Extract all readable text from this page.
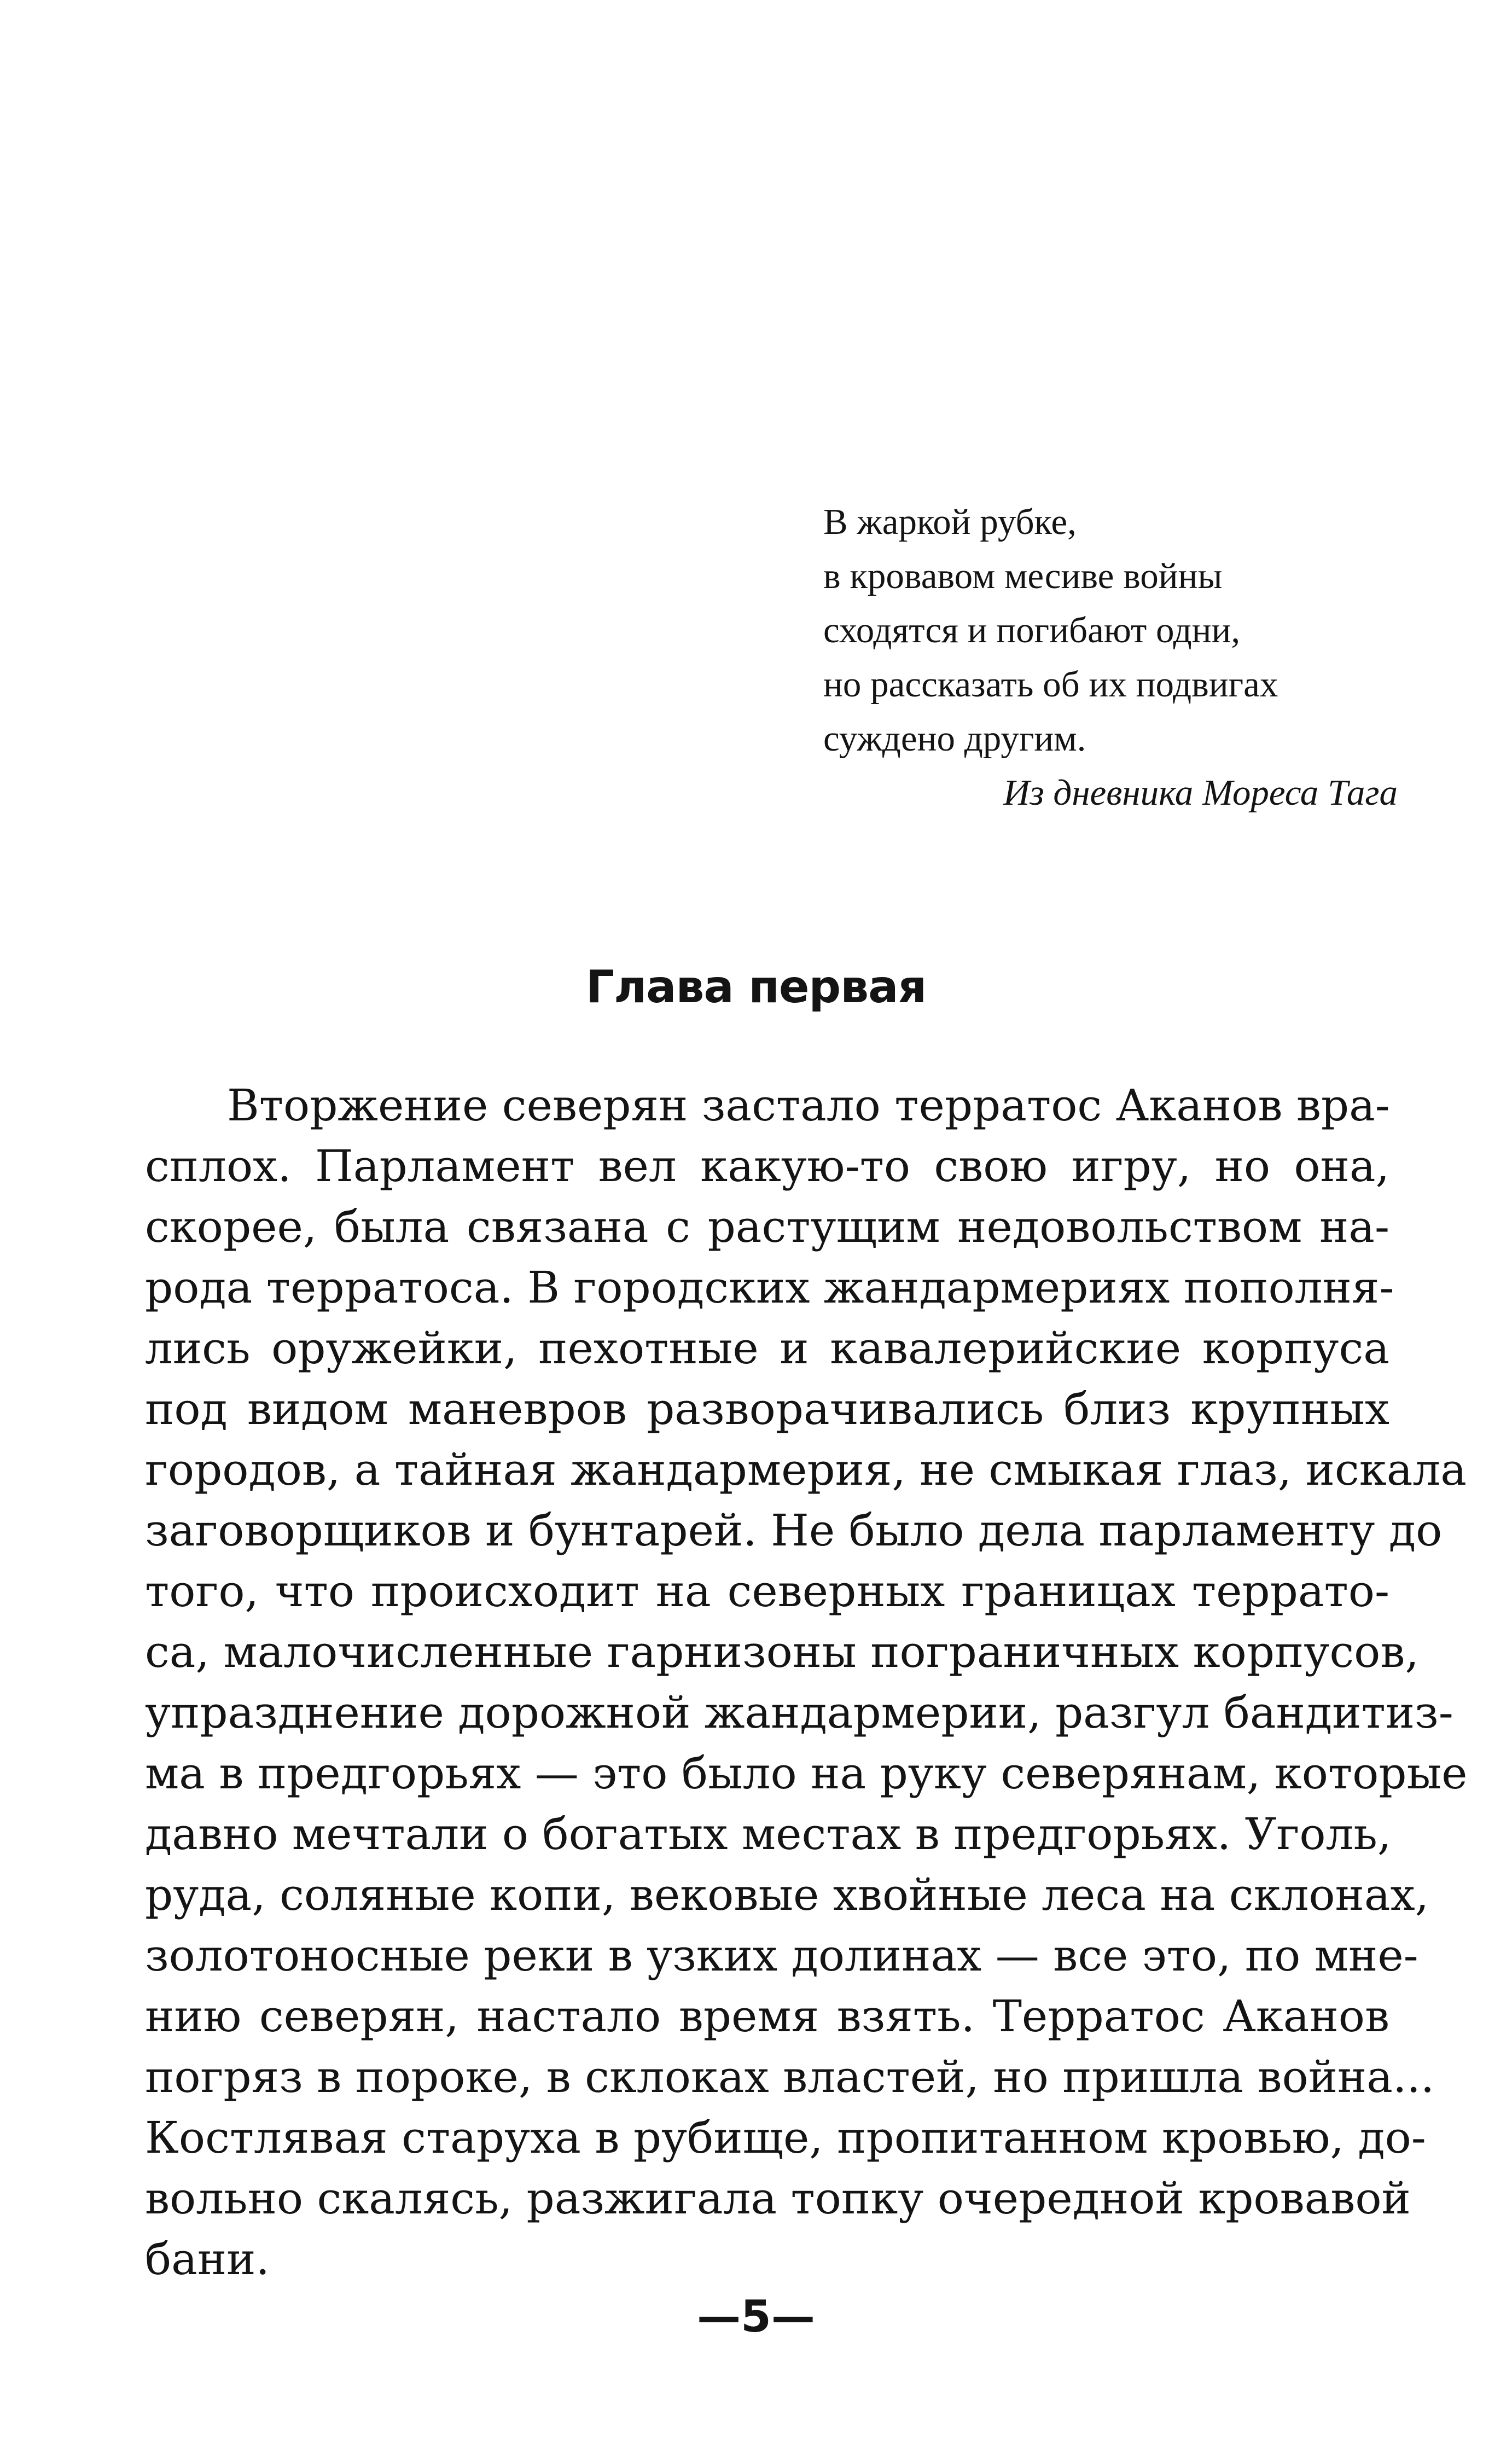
В жаркой рубке,
в кровавом месиве войны
сходятся и погибают одни,
но рассказать об их подвигах
суждено другим.
Из дневника Мореса Тага
Глава первая
Вторжение северян застало терратос Аканов вра-
сплох. Парламент вел какую-то свою игру, но она,
скорее, была связана с растущим недовольством на-
рода терратоса. В городских жандармериях пополня-
лись оружейки, пехотные и кавалерийские корпуса
под видом маневров разворачивались близ крупных
городов, а тайная жандармерия, не смыкая глаз, искала
заговорщиков и бунтарей. Не было дела парламенту до
того, что происходит на северных границах террато-
са, малочисленные гарнизоны пограничных корпусов,
упразднение дорожной жандармерии, разгул бандитиз-
ма в предгорьях — это было на руку северянам, которые
давно мечтали о богатых местах в предгорьях. Уголь,
руда, соляные копи, вековые хвойные леса на склонах,
золотоносные реки в узких долинах — все это, по мне-
нию северян, настало время взять. Терратос Аканов
погряз в пороке, в склоках властей, но пришла война...
Костлявая старуха в рубище, пропитанном кровью, до-
вольно скалясь, разжигала топку очередной кровавой
бани.
—5—
